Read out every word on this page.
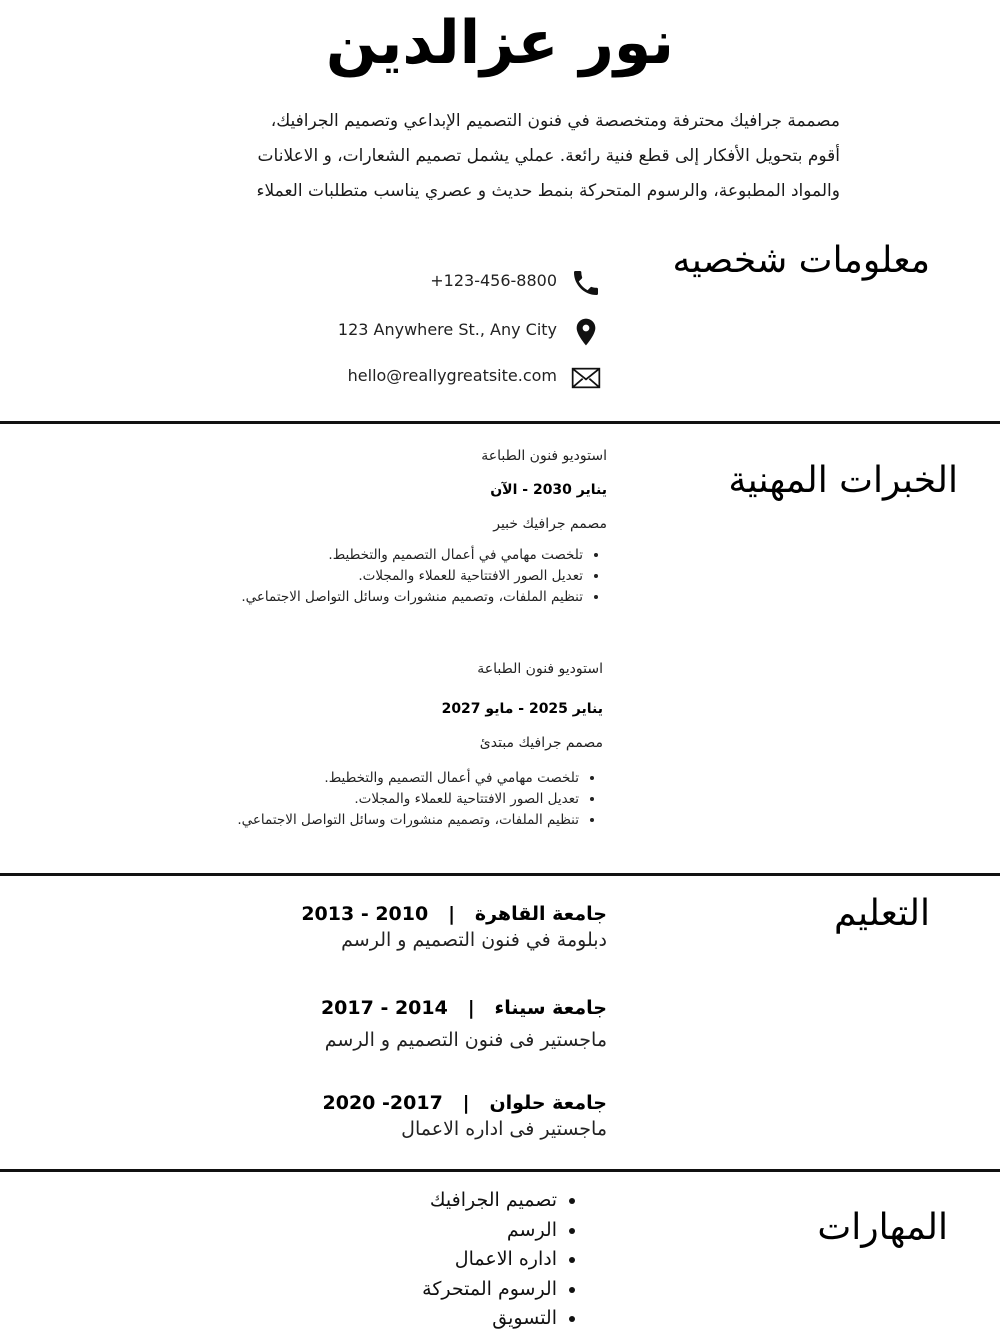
نور عزالدين
مصممة جرافيك محترفة ومتخصصة في فنون التصميم الإبداعي وتصميم الجرافيك،
أقوم بتحويل الأفكار إلى قطع فنية رائعة. عملي يشمل تصميم الشعارات، و الاعلانات
والمواد المطبوعة، والرسوم المتحركة بنمط حديث و عصري يناسب متطلبات العملاء
معلومات شخصيه
+123-456-8800
123 Anywhere St., Any City
hello@reallygreatsite.com
الخبرات المهنية
استوديو فنون الطباعة
يناير 2030 - الآن
مصمم جرافيك خبير
• تلخصت مهامي في أعمال التصميم والتخطيط.
• تعديل الصور الافتتاحية للعملاء والمجلات.
• تنظيم الملفات، وتصميم منشورات وسائل التواصل الاجتماعي.
استوديو فنون الطباعة
يناير 2025 - مايو 2027
مصمم جرافيك مبتدئ
• تلخصت مهامي في أعمال التصميم والتخطيط.
• تعديل الصور الافتتاحية للعملاء والمجلات.
• تنظيم الملفات، وتصميم منشورات وسائل التواصل الاجتماعي.
التعليم
جامعة القاهرة   |   2010 - 2013
دبلومة في فنون التصميم و الرسم
جامعة سيناء   |   2014 - 2017
ماجستير فى فنون التصميم و الرسم
جامعة حلوان   |   2017- 2020
ماجستير فى اداره الاعمال
المهارات
• تصميم الجرافيك
• الرسم
• اداره الاعمال
• الرسوم المتحركة
• التسويق
